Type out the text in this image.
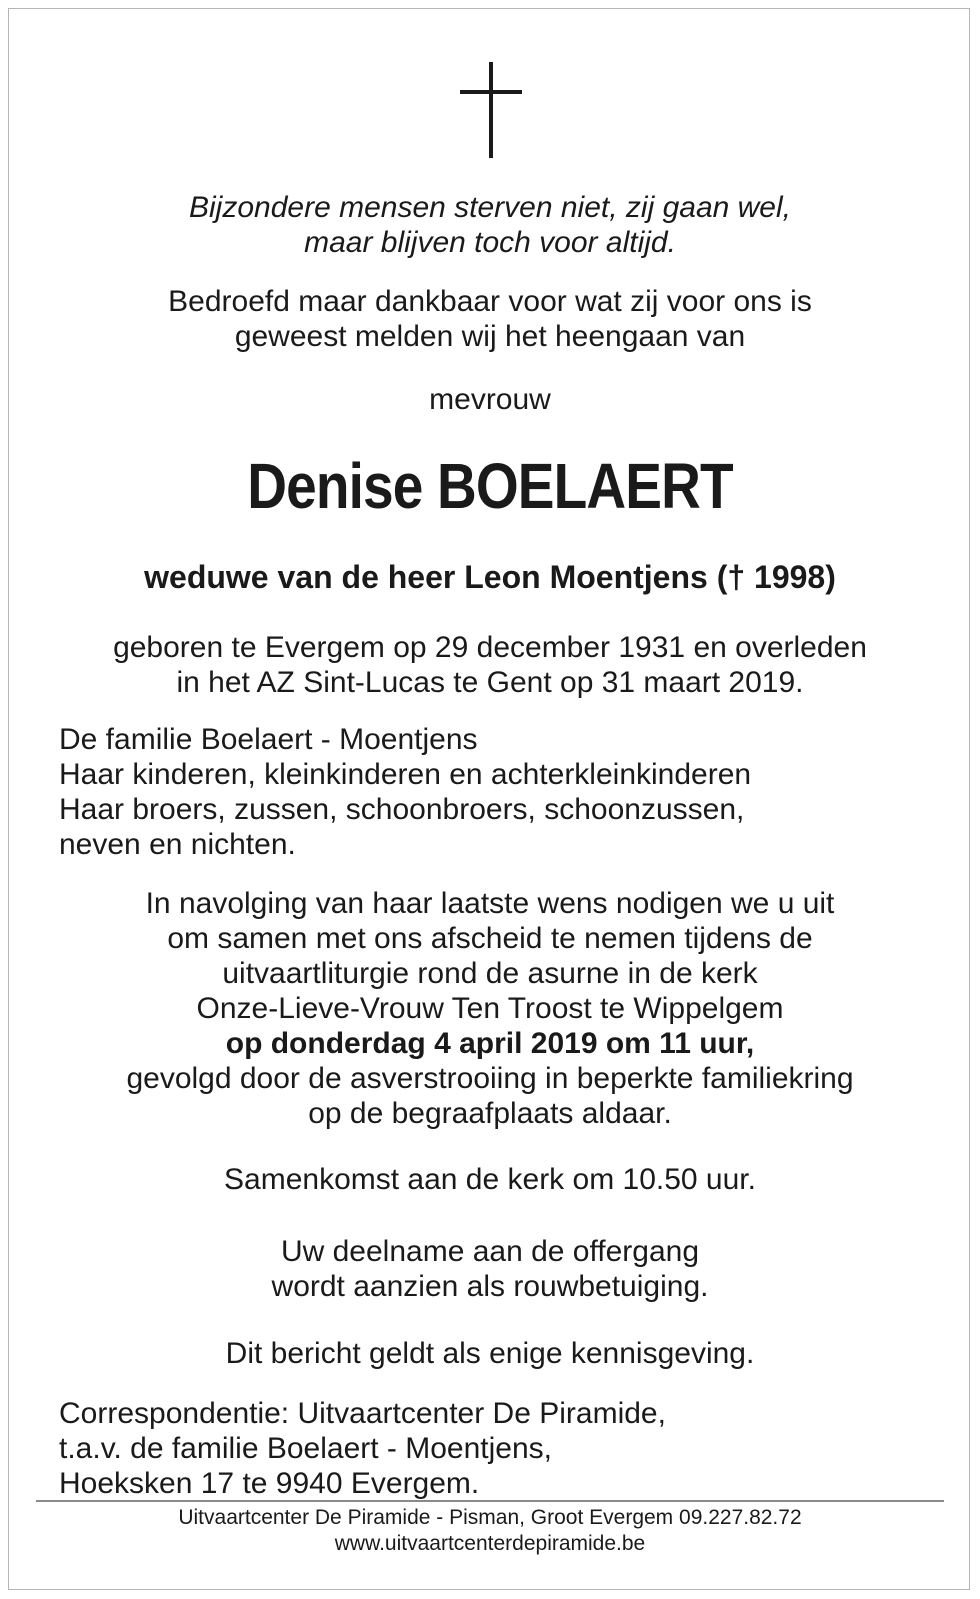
Bijzondere mensen sterven niet, zij gaan wel,

maar blijven toch voor altijd.

Bedroefd maar dankbaar voor wat zij voor ons is

geweest melden wij het heengaan van

mevrouw
Denise BOELAERT
weduwe van de heer Leon Moentjens († 1998)

geboren te Evergem op 29 december 1931 en overleden

in het AZ Sint-Lucas te Gent op 31 maart 2019.

De familie Boelaert - Moentjens

Haar kinderen, kleinkinderen en achterkleinkinderen

Haar broers, zussen, schoonbroers, schoonzussen,

neven en nichten.

In navolging van haar laatste wens nodigen we u uit

om samen met ons afscheid te nemen tijdens de

uitvaartliturgie rond de asurne in de kerk

Onze-Lieve-Vrouw Ten Troost te Wippelgem

op donderdag 4 april 2019 om 11 uur,

gevolgd door de asverstrooiing in beperkte familiekring

op de begraafplaats aldaar.

Samenkomst aan de kerk om 10.50 uur.

Uw deelname aan de offergang

wordt aanzien als rouwbetuiging.

Dit bericht geldt als enige kennisgeving.

Correspondentie: Uitvaartcenter De Piramide,

t.a.v. de familie Boelaert - Moentjens,

Hoeksken 17 te 9940 Evergem.

Uitvaartcenter De Piramide - Pisman, Groot Evergem 09.227.82.72

www.uitvaartcenterdepiramide.be
